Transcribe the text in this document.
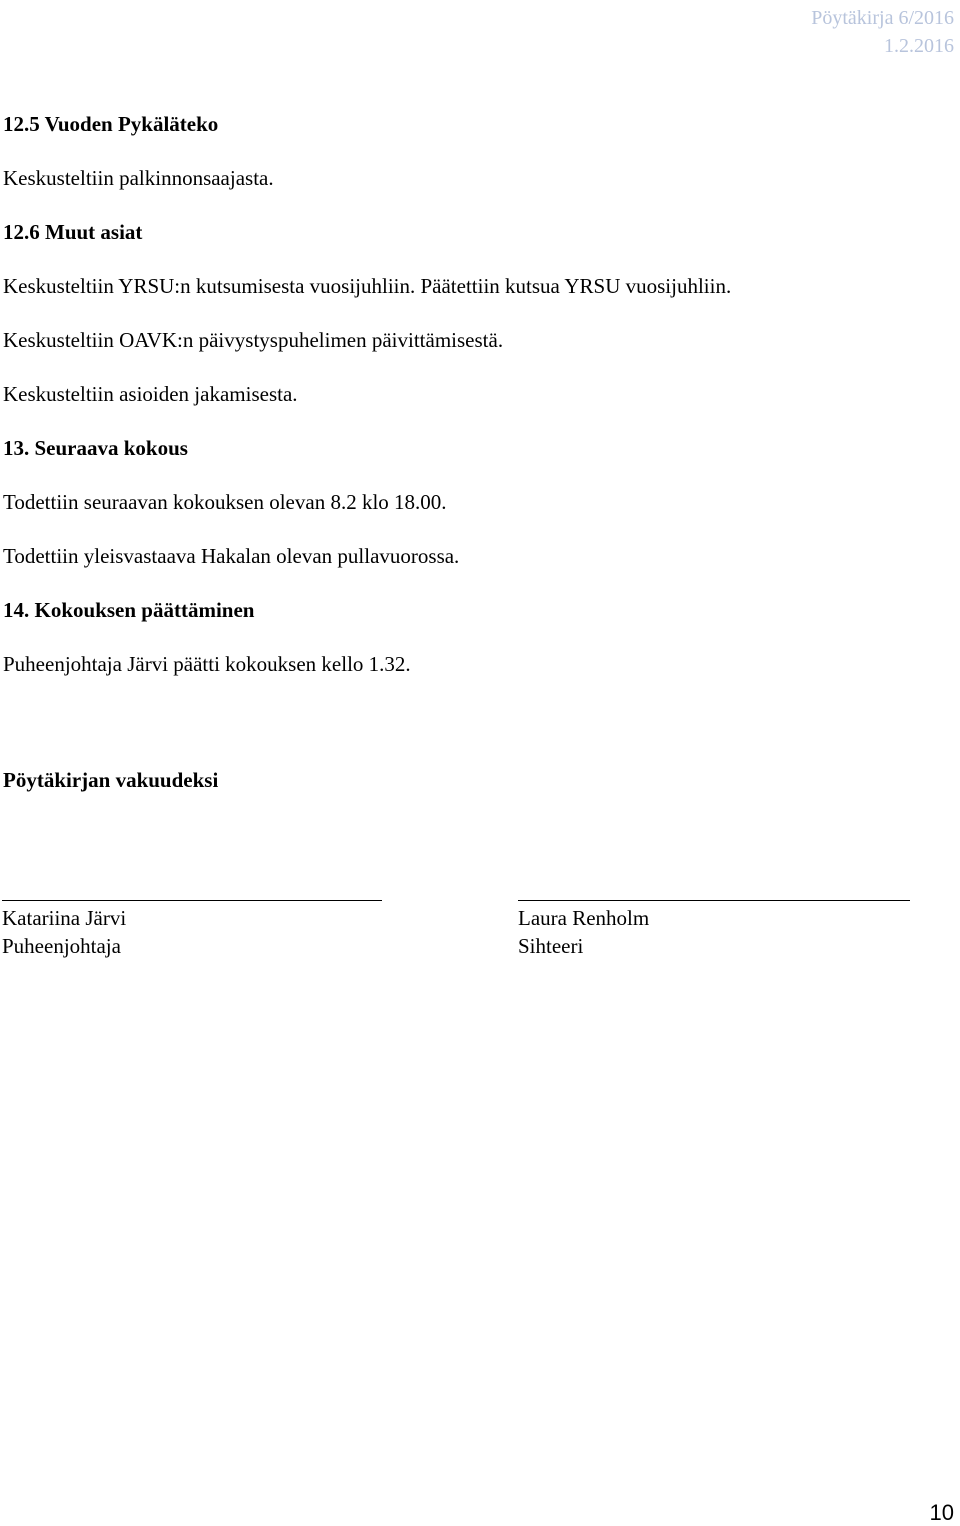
Pöytäkirja 6/2016
1.2.2016
12.5 Vuoden Pykäläteko
Keskusteltiin palkinnonsaajasta.
12.6 Muut asiat
Keskusteltiin YRSU:n kutsumisesta vuosijuhliin. Päätettiin kutsua YRSU vuosijuhliin.
Keskusteltiin OAVK:n päivystyspuhelimen päivittämisestä.
Keskusteltiin asioiden jakamisesta.
13. Seuraava kokous
Todettiin seuraavan kokouksen olevan 8.2 klo 18.00.
Todettiin yleisvastaava Hakalan olevan pullavuorossa.
14. Kokouksen päättäminen
Puheenjohtaja Järvi päätti kokouksen kello 1.32.
Pöytäkirjan vakuudeksi
Katariina Järvi
Puheenjohtaja
Laura Renholm
Sihteeri
10
